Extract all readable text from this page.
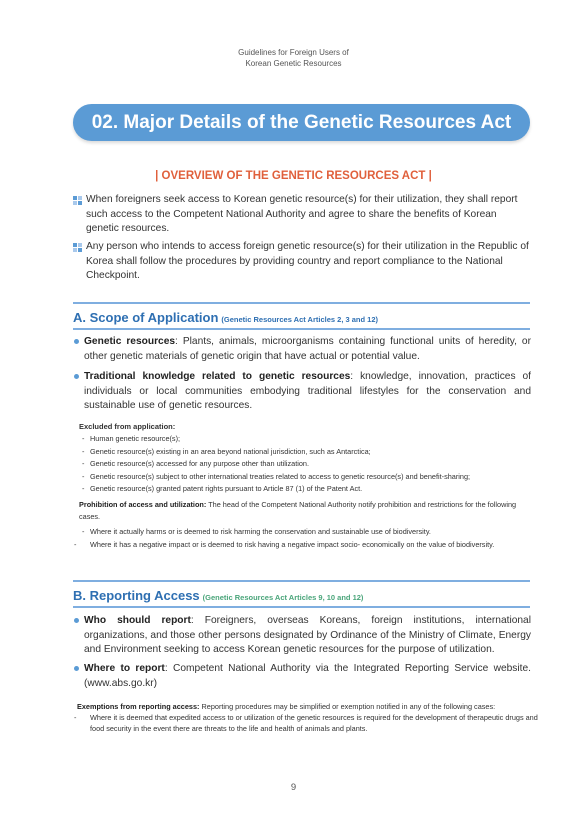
Guidelines for Foreign Users of
Korean Genetic Resources
02. Major Details of the Genetic Resources Act
| OVERVIEW OF THE GENETIC RESOURCES ACT |
When foreigners seek access to Korean genetic resource(s) for their utilization, they shall report such access to the Competent National Authority and agree to share the benefits of Korean genetic resources.
Any person who intends to access foreign genetic resource(s) for their utilization in the Republic of Korea shall follow the procedures by providing country and report compliance to the National Checkpoint.
A. Scope of Application (Genetic Resources Act Articles 2, 3 and 12)
Genetic resources: Plants, animals, microorganisms containing functional units of heredity, or other genetic materials of genetic origin that have actual or potential value.
Traditional knowledge related to genetic resources: knowledge, innovation, practices of individuals or local communities embodying traditional lifestyles for the conservation and sustainable use of genetic resources.
Excluded from application:
- Human genetic resource(s);
- Genetic resource(s) existing in an area beyond national jurisdiction, such as Antarctica;
- Genetic resource(s) accessed for any purpose other than utilization.
- Genetic resource(s) subject to other international treaties related to access to genetic resource(s) and benefit-sharing;
- Genetic resource(s) granted patent rights pursuant to Article 87 (1) of the Patent Act.
Prohibition of access and utilization: The head of the Competent National Authority notify prohibition and restrictions for the following cases.
- Where it actually harms or is deemed to risk harming the conservation and sustainable use of biodiversity.
- Where it has a negative impact or is deemed to risk having a negative impact socio- economically on the value of biodiversity.
B. Reporting Access (Genetic Resources Act Articles 9, 10 and 12)
Who should report: Foreigners, overseas Koreans, foreign institutions, international organizations, and those other persons designated by Ordinance of the Ministry of Climate, Energy and Environment seeking to access Korean genetic resources for the purpose of utilization.
Where to report: Competent National Authority via the Integrated Reporting Service website. (www.abs.go.kr)
Exemptions from reporting access: Reporting procedures may be simplified or exemption notified in any of the following cases:
- Where it is deemed that expedited access to or utilization of the genetic resources is required for the development of therapeutic drugs and food security in the event there are threats to the life and health of animals and plants.
9
